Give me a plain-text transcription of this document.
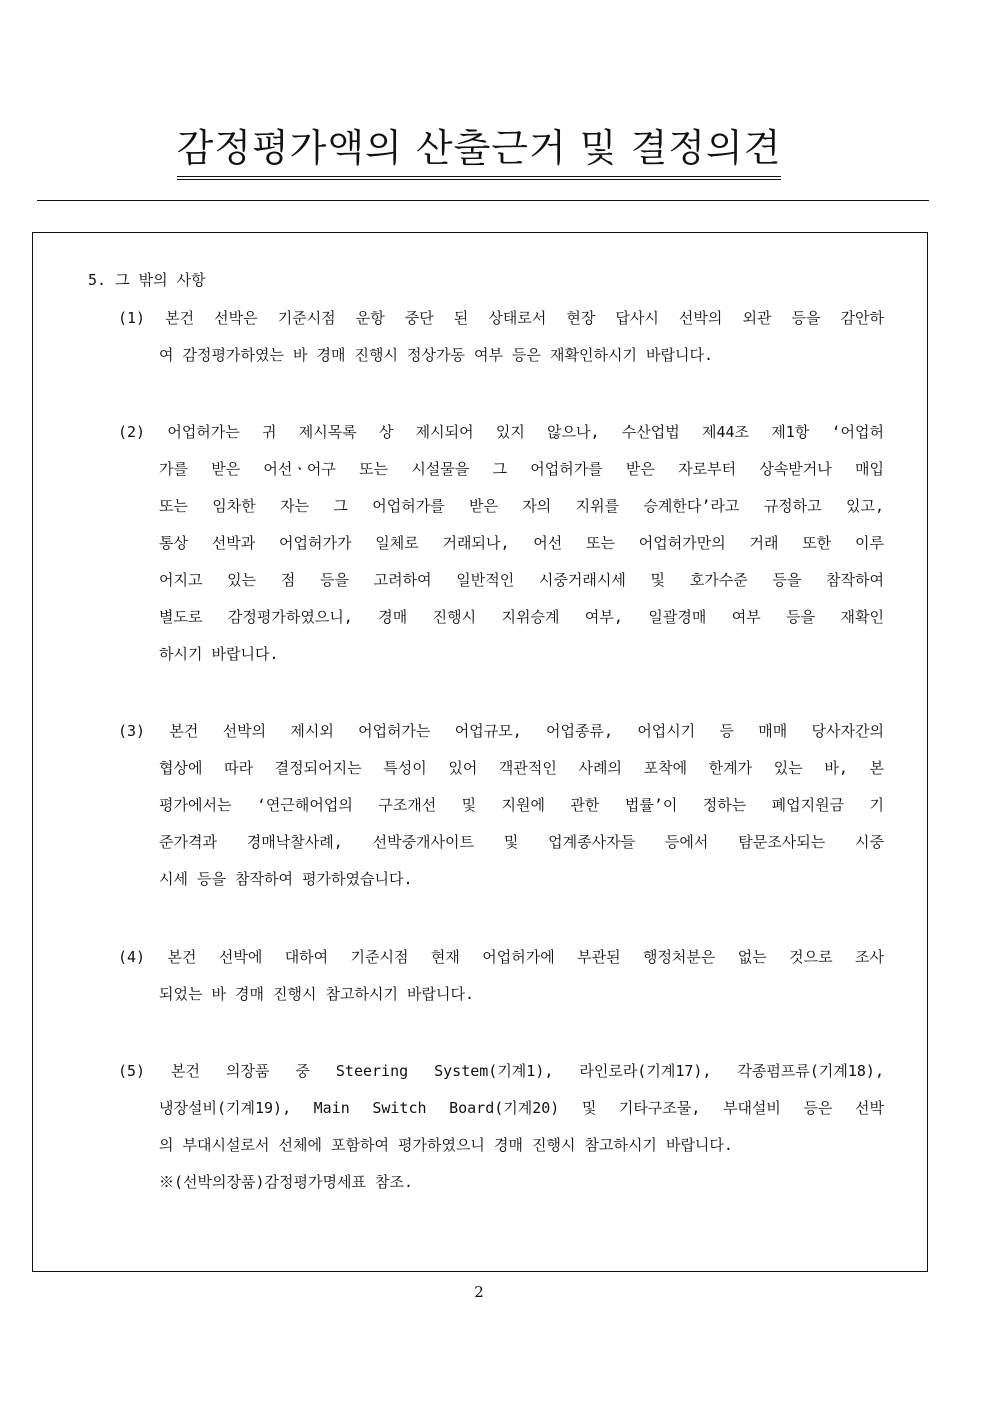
감정평가액의 산출근거 및 결정의견
5. 그 밖의 사항
(1) 본건 선박은 기준시점 운항 중단 된 상태로서 현장 답사시 선박의 외관 등을 감안하
여 감정평가하였는 바 경매 진행시 정상가동 여부 등은 재확인하시기 바랍니다.
(2) 어업허가는 귀 제시목록 상 제시되어 있지 않으나, 수산업법 제44조 제1항 ‘어업허
가를 받은 어선ㆍ어구 또는 시설물을 그 어업허가를 받은 자로부터 상속받거나 매입
또는 임차한 자는 그 어업허가를 받은 자의 지위를 승계한다’라고 규정하고 있고,
통상 선박과 어업허가가 일체로 거래되나, 어선 또는 어업허가만의 거래 또한 이루
어지고 있는 점 등을 고려하여 일반적인 시중거래시세 및 호가수준 등을 참작하여
별도로 감정평가하였으니, 경매 진행시 지위승계 여부, 일괄경매 여부 등을 재확인
하시기 바랍니다.
(3) 본건 선박의 제시외 어업허가는 어업규모, 어업종류, 어업시기 등 매매 당사자간의
협상에 따라 결정되어지는 특성이 있어 객관적인 사례의 포착에 한계가 있는 바, 본
평가에서는 ‘연근해어업의 구조개선 및 지원에 관한 법률’이 정하는 폐업지원금 기
준가격과 경매낙찰사례, 선박중개사이트 및 업계종사자들 등에서 탐문조사되는 시중
시세 등을 참작하여 평가하였습니다.
(4) 본건 선박에 대하여 기준시점 현재 어업허가에 부관된 행정처분은 없는 것으로 조사
되었는 바 경매 진행시 참고하시기 바랍니다.
(5) 본건 의장품 중 Steering System(기계1), 라인로라(기계17), 각종펌프류(기계18),
냉장설비(기계19), Main Switch Board(기계20) 및 기타구조물, 부대설비 등은 선박
의 부대시설로서 선체에 포함하여 평가하였으니 경매 진행시 참고하시기 바랍니다.
※(선박의장품)감정평가명세표 참조.
2
